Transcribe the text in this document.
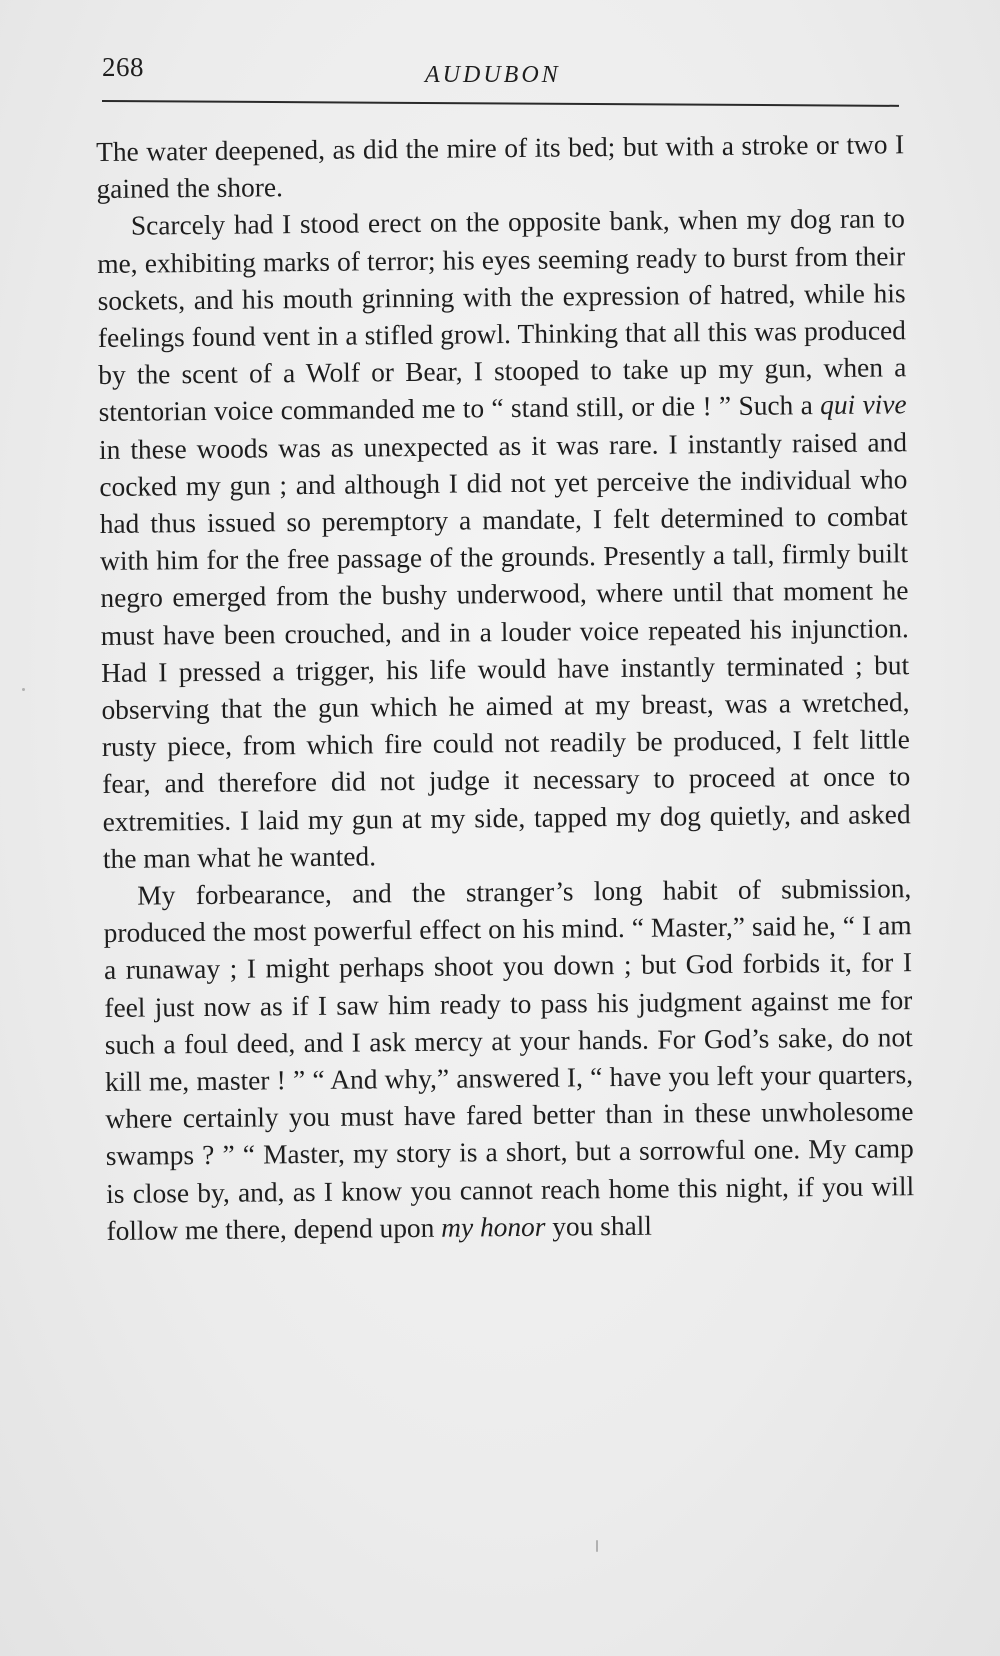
268	AUDUBON

The water deepened, as did the mire of its bed; but with a stroke or two I gained the shore.

Scarcely had I stood erect on the opposite bank, when my dog ran to me, exhibiting marks of terror; his eyes seeming ready to burst from their sockets, and his mouth grinning with the expression of hatred, while his feelings found vent in a stifled growl. Thinking that all this was produced by the scent of a Wolf or Bear, I stooped to take up my gun, when a stentorian voice commanded me to “ stand still, or die ! ” Such a qui vive in these woods was as unexpected as it was rare. I instantly raised and cocked my gun ; and although I did not yet perceive the individual who had thus issued so peremptory a mandate, I felt determined to combat with him for the free passage of the grounds. Presently a tall, firmly built negro emerged from the bushy underwood, where until that moment he must have been crouched, and in a louder voice repeated his injunction. Had I pressed a trigger, his life would have instantly terminated ; but observing that the gun which he aimed at my breast, was a wretched, rusty piece, from which fire could not readily be produced, I felt little fear, and therefore did not judge it necessary to proceed at once to extremities. I laid my gun at my side, tapped my dog quietly, and asked the man what he wanted.

My forbearance, and the stranger’s long habit of submission, produced the most powerful effect on his mind. “ Master,” said he, “ I am a runaway ; I might perhaps shoot you down ; but God forbids it, for I feel just now as if I saw him ready to pass his judgment against me for such a foul deed, and I ask mercy at your hands. For God’s sake, do not kill me, master ! ” “ And why,” answered I, “ have you left your quarters, where certainly you must have fared better than in these unwholesome swamps ? ” “ Master, my story is a short, but a sorrowful one. My camp is close by, and, as I know you cannot reach home this night, if you will follow me there, depend upon my honor you shall
